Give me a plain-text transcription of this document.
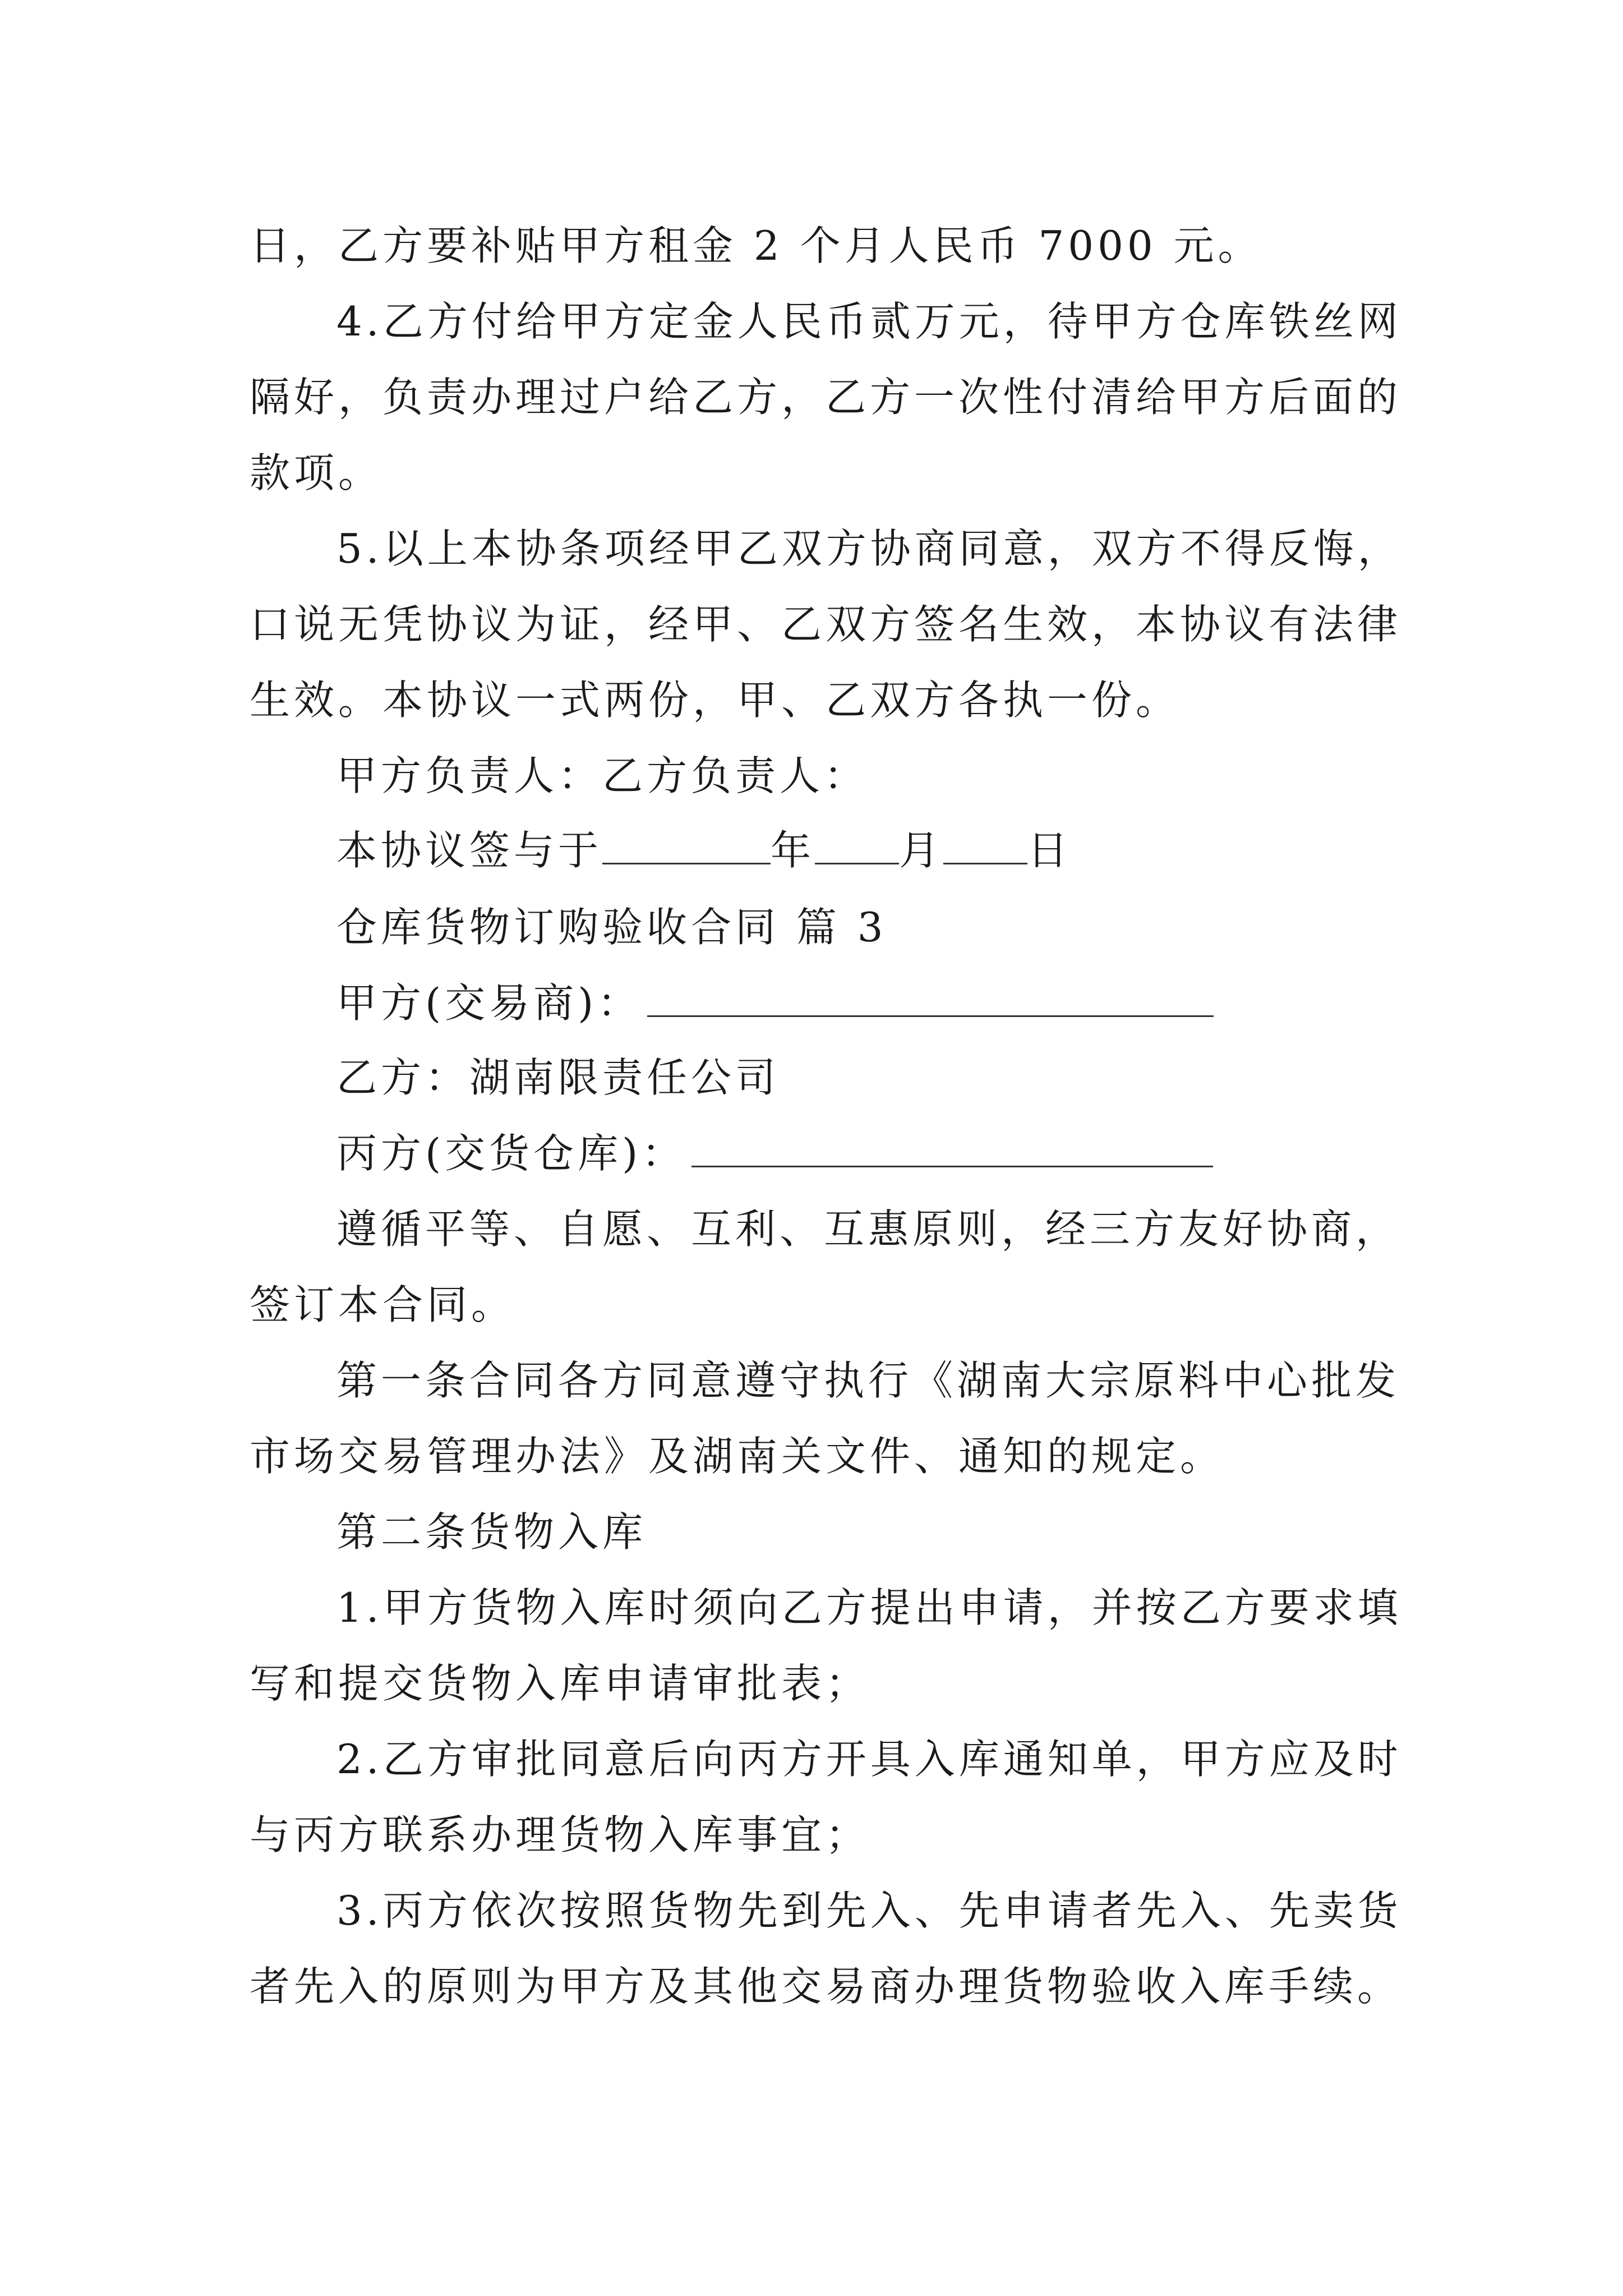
日，乙方要补贴甲方租金 2 个月人民币 7000 元。
4.乙方付给甲方定金人民币贰万元，待甲方仓库铁丝网
隔好，负责办理过户给乙方，乙方一次性付清给甲方后面的
款项。
5.以上本协条项经甲乙双方协商同意，双方不得反悔，
口说无凭协议为证，经甲、乙双方签名生效，本协议有法律
生效。本协议一式两份，甲、乙双方各执一份。
甲方负责人：乙方负责人：
本协议签与于	年 月 日
仓库货物订购验收合同 篇 3
甲方(交易商)：
乙方：湖南限责任公司
丙方(交货仓库)：
遵循平等、自愿、互利、互惠原则，经三方友好协商，
签订本合同。
第一条合同各方同意遵守执行《湖南大宗原料中心批发
市场交易管理办法》及湖南关文件、通知的规定。
第二条货物入库
1.甲方货物入库时须向乙方提出申请，并按乙方要求填
写和提交货物入库申请审批表；
2.乙方审批同意后向丙方开具入库通知单，甲方应及时
与丙方联系办理货物入库事宜；
3.丙方依次按照货物先到先入、先申请者先入、先卖货
者先入的原则为甲方及其他交易商办理货物验收入库手续。
